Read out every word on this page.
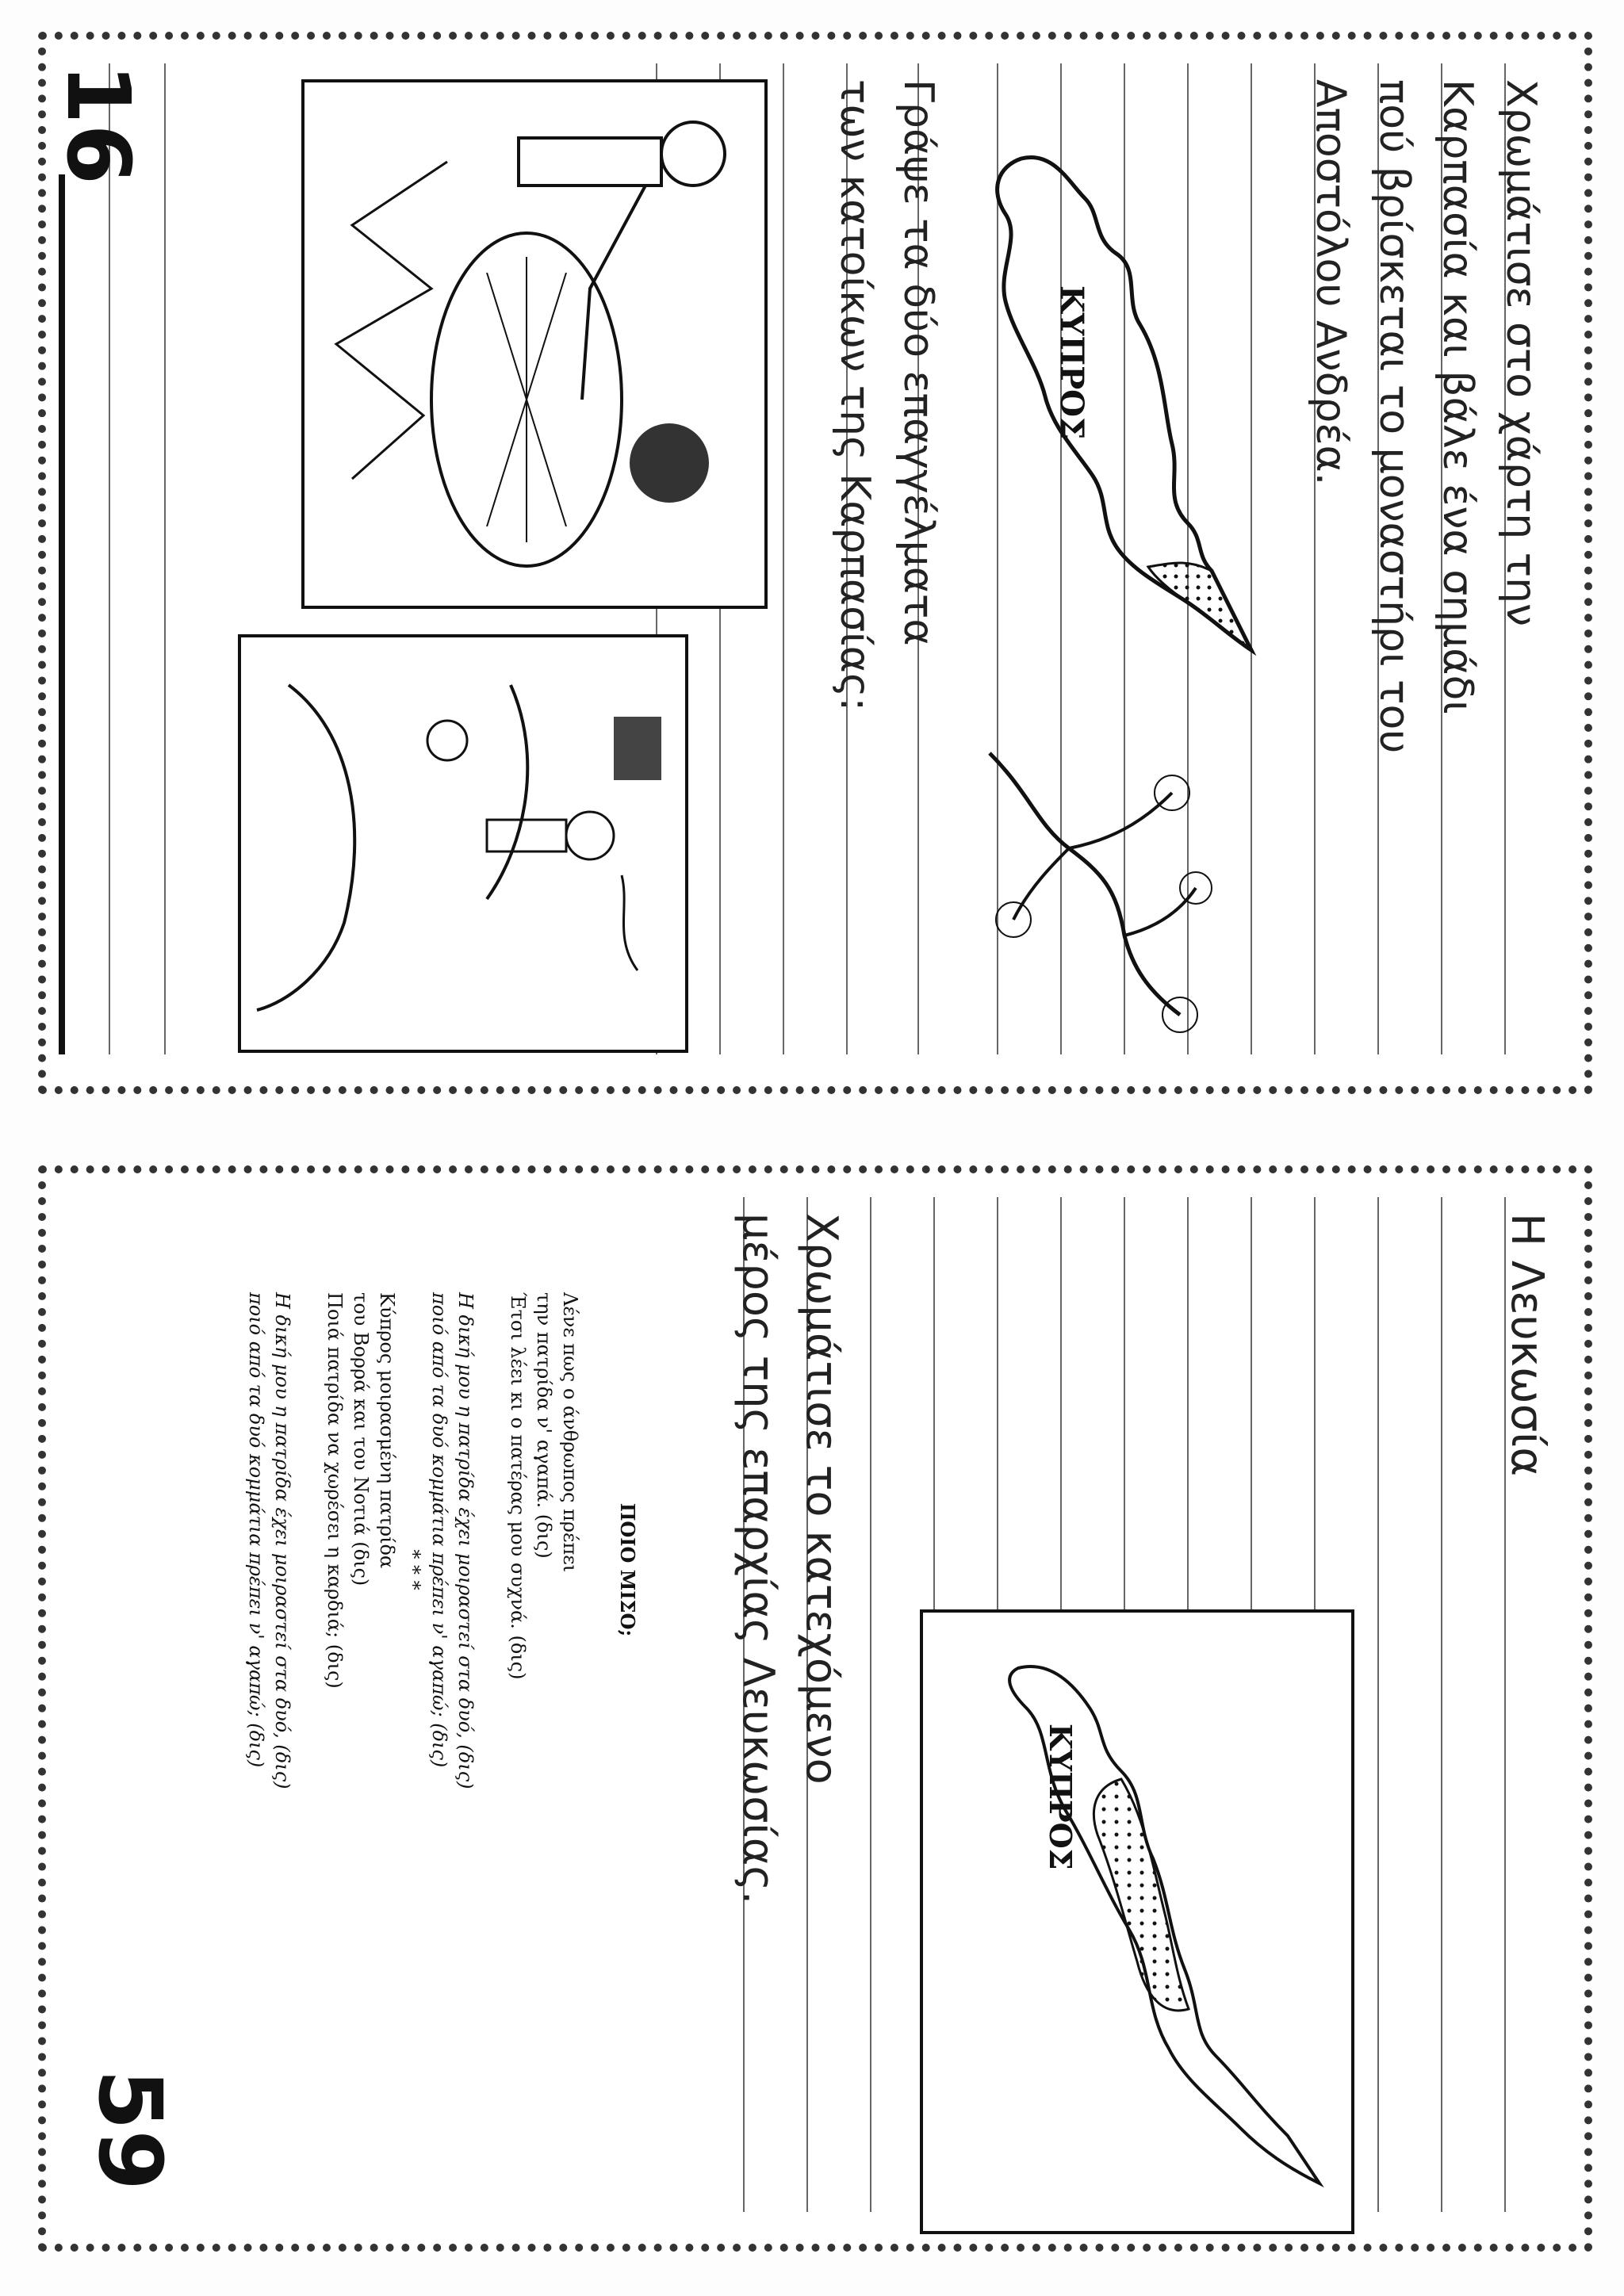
Χρωμάτισε στο χάρτη την
Καρπασία και βάλε ένα σημάδι
πού βρίσκεται το μοναστήρι του
Αποστόλου Ανδρέα.
ΚΥΠΡΟΣ
Γράψε τα δύο επαγγέλματα
των κατοίκων της Καρπασίας:
16
Η Λευκωσία
ΚΥΠΡΟΣ
Χρωμάτισε το κατεχόμενο
μέρος της επαρχίας Λευκωσίας.
ΠΟΙΟ ΜΙΣΟ;
Λένε πως ο άνθρωπος πρέπει
την πατρίδα ν' αγαπά. (δις)
Έτσι λέει κι ο πατέρας μου συχνά. (δις)
Η δική μου η πατρίδα έχει μοιραστεί στα δυό, (δις)
ποιό από τα δυό κομμάτια πρέπει ν' αγαπώ; (δις)
* * *
Κύπρος μοιρασμένη πατρίδα
του Βορρά και του Νοτιά (δις)
Ποιά πατρίδα να χωρέσει η καρδιά; (δις)
Η δική μου η πατρίδα έχει μοιραστεί στα δυό, (δις)
ποιό από τα δυό κομμάτια πρέπει ν' αγαπώ; (δις)
59
